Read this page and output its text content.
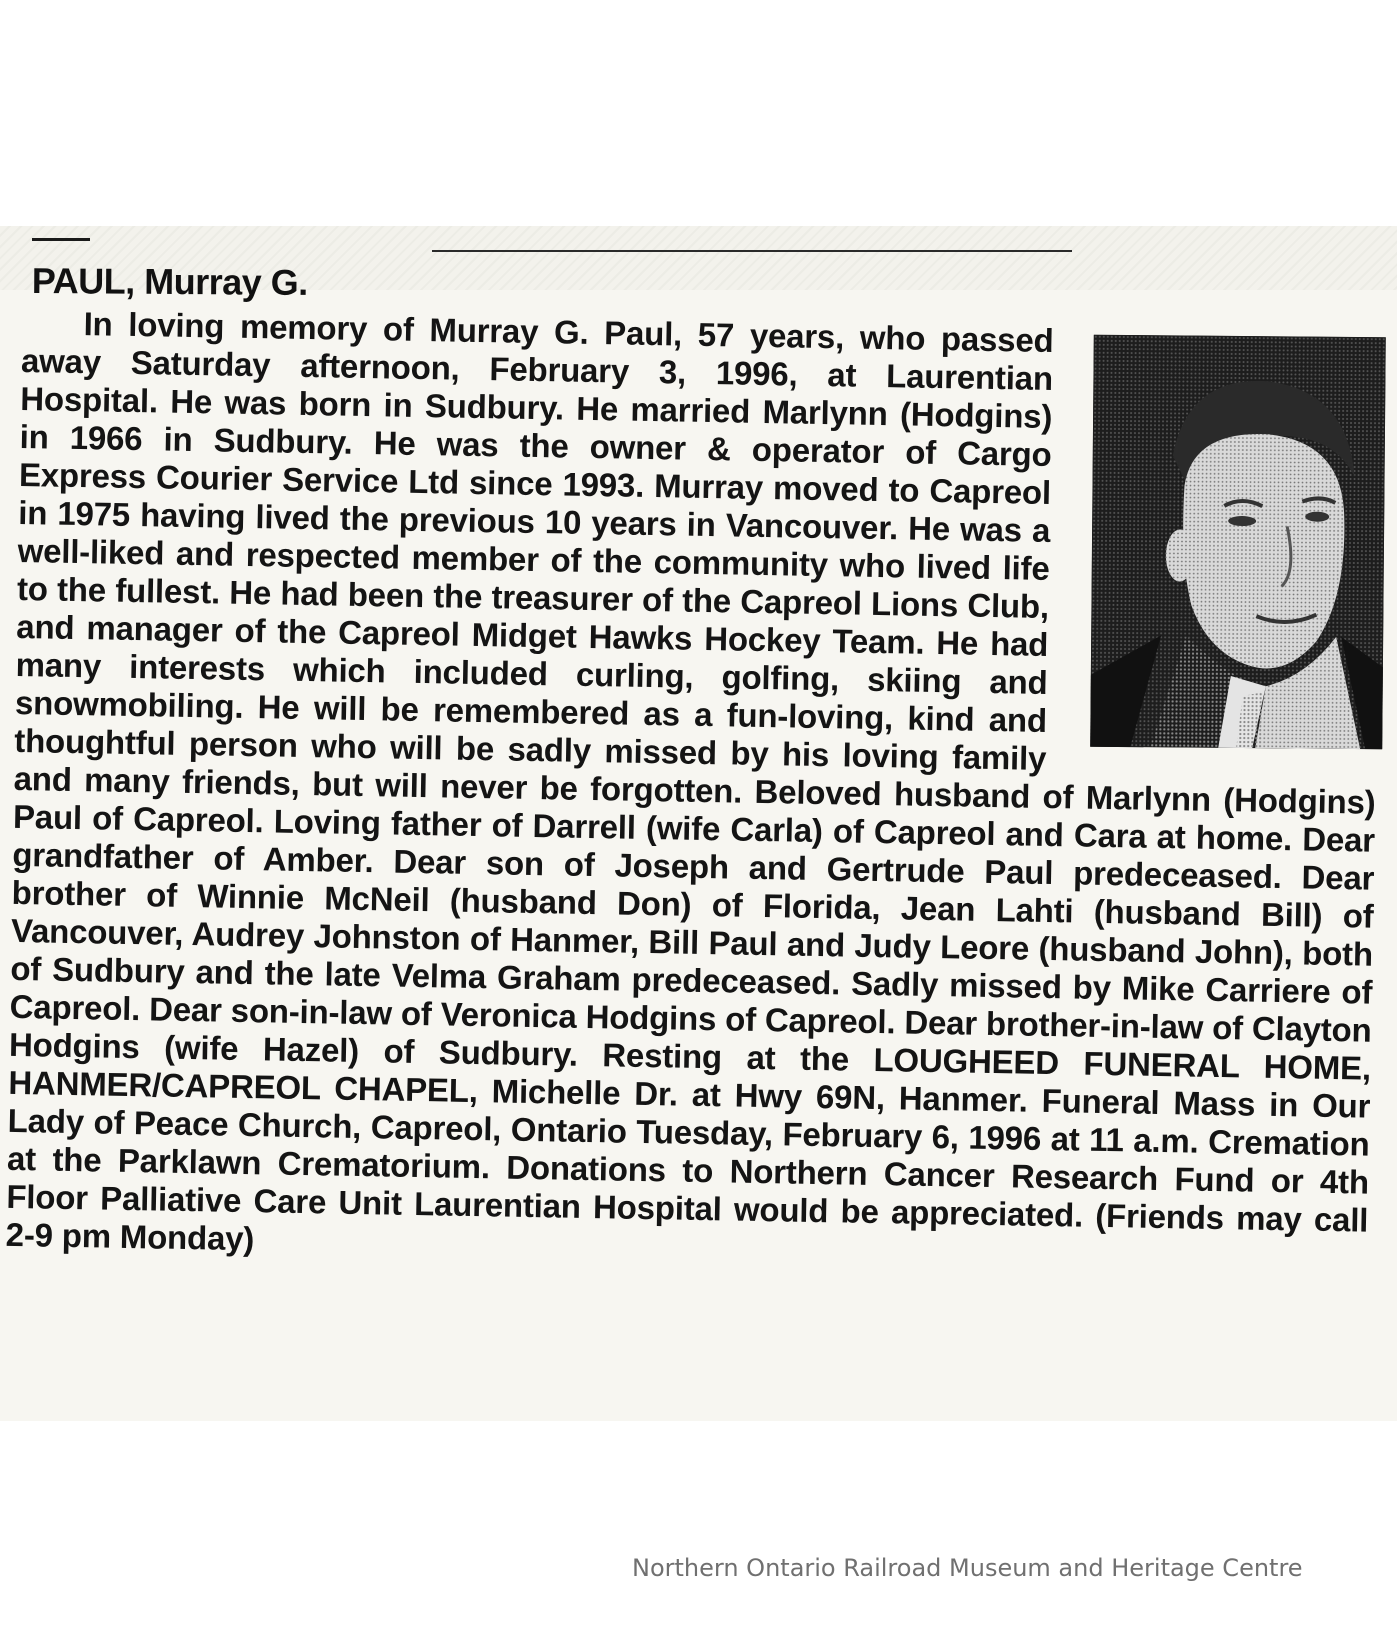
PAUL, Murray G.

In loving memory of Murray G. Paul, 57 years, who passed away Saturday afternoon, February 3, 1996, at Laurentian Hospital. He was born in Sudbury. He married Marlynn (Hodgins) in 1966 in Sudbury. He was the owner & operator of Cargo Express Courier Service Ltd since 1993. Murray moved to Capreol in 1975 having lived the previous 10 years in Vancouver. He was a well-liked and respected member of the community who lived life to the fullest. He had been the treasurer of the Capreol Lions Club, and manager of the Capreol Midget Hawks Hockey Team. He had many interests which included curling, golfing, skiing and snowmobiling. He will be remembered as a fun-loving, kind and thoughtful person who will be sadly missed by his loving family and many friends, but will never be forgotten. Beloved husband of Marlynn (Hodgins) Paul of Capreol. Loving father of Darrell (wife Carla) of Capreol and Cara at home. Dear grandfather of Amber. Dear son of Joseph and Gertrude Paul predeceased. Dear brother of Winnie McNeil (husband Don) of Florida, Jean Lahti (husband Bill) of Vancouver, Audrey Johnston of Hanmer, Bill Paul and Judy Leore (husband John), both of Sudbury and the late Velma Graham predeceased. Sadly missed by Mike Carriere of Capreol. Dear son-in-law of Veronica Hodgins of Capreol. Dear brother-in-law of Clayton Hodgins (wife Hazel) of Sudbury. Resting at the LOUGHEED FUNERAL HOME, HANMER/CAPREOL CHAPEL, Michelle Dr. at Hwy 69N, Hanmer. Funeral Mass in Our Lady of Peace Church, Capreol, Ontario Tuesday, February 6, 1996 at 11 a.m. Cremation at the Parklawn Crematorium. Donations to Northern Cancer Research Fund or 4th Floor Palliative Care Unit Laurentian Hospital would be appreciated. (Friends may call 2-9 pm Monday)

Northern Ontario Railroad Museum and Heritage Centre
